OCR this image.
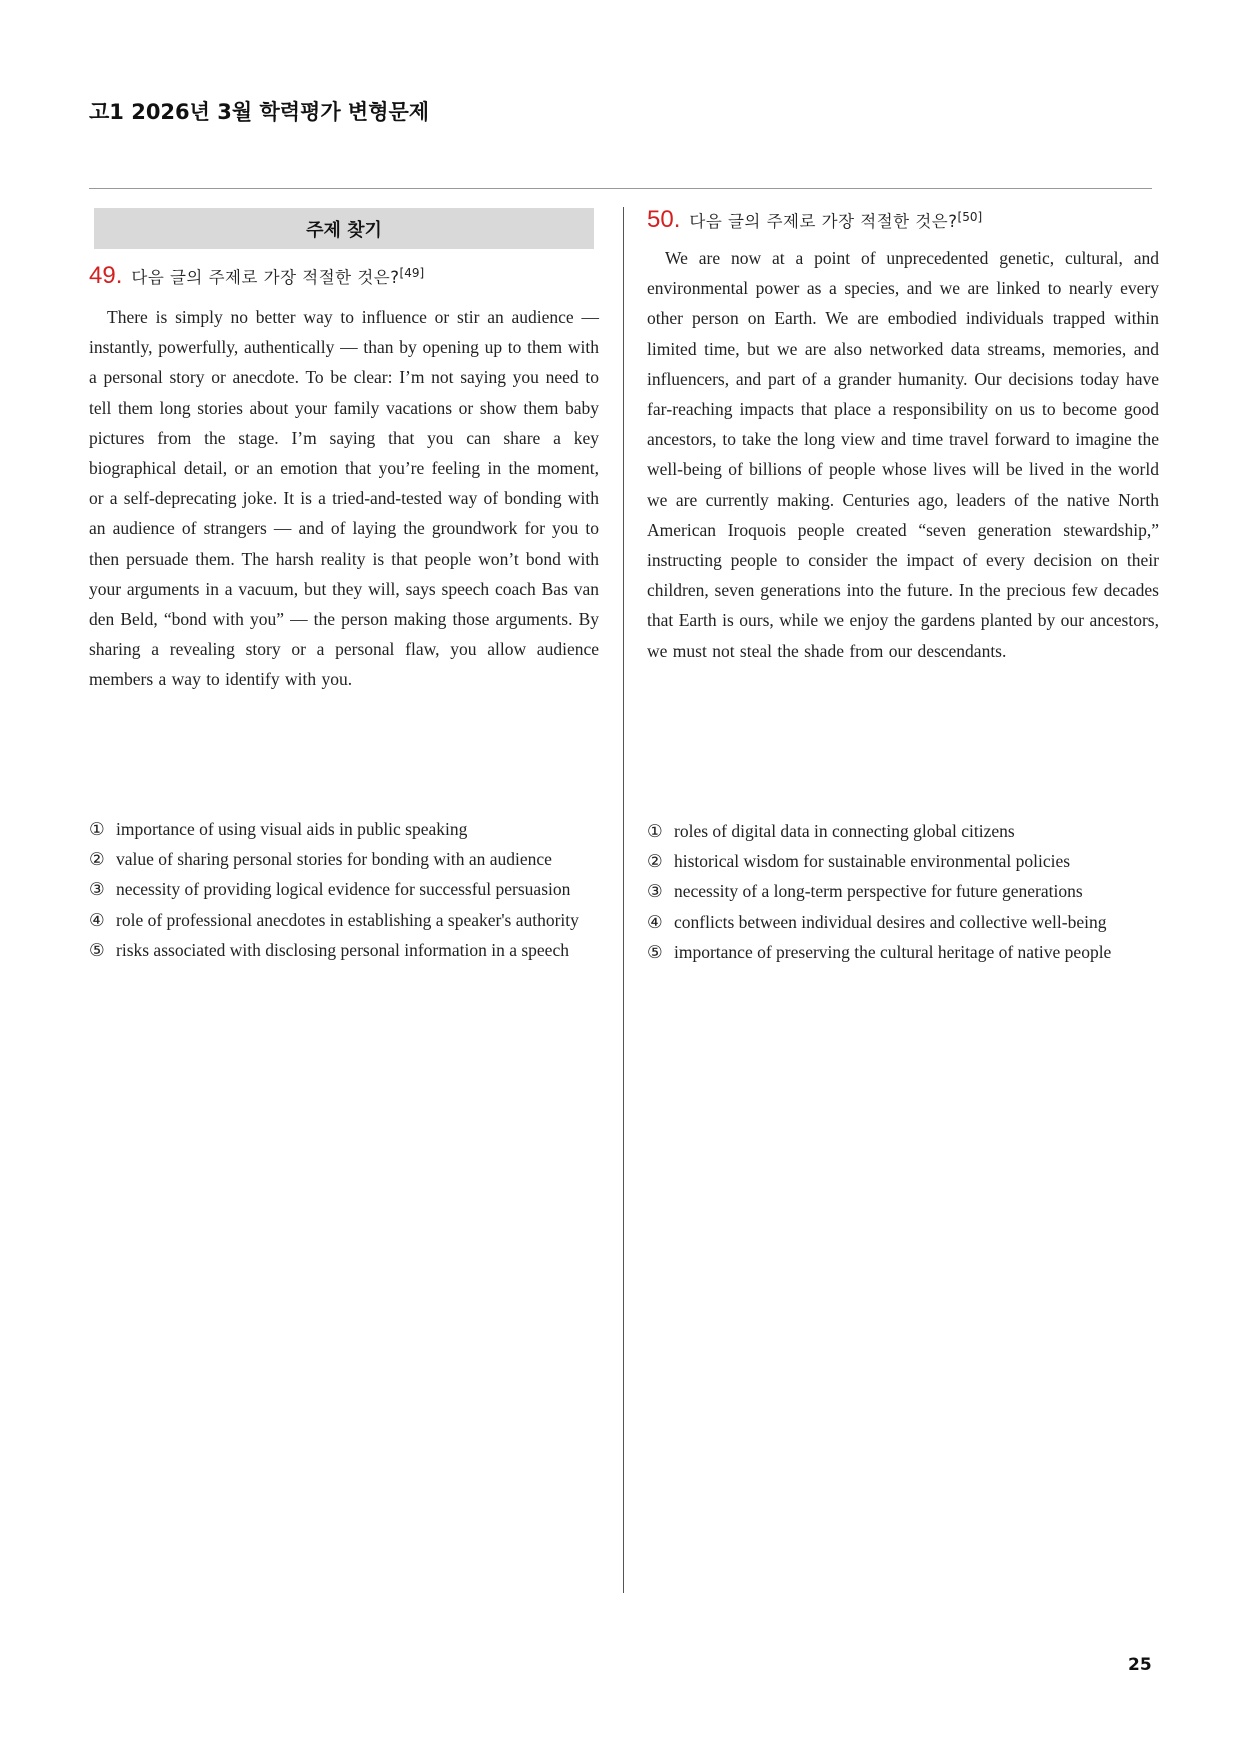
고1 2026년 3월 학력평가 변형문제
주제 찾기
49. 다음 글의 주제로 가장 적절한 것은? [49]

There is simply no better way to influence or stir an audience — instantly, powerfully, authentically — than by opening up to them with a personal story or anecdote. To be clear: I’m not saying you need to tell them long stories about your family vacations or show them baby pictures from the stage. I’m saying that you can share a key biographical detail, or an emotion that you’re feeling in the moment, or a self-deprecating joke. It is a tried-and-tested way of bonding with an audience of strangers — and of laying the groundwork for you to then persuade them. The harsh reality is that people won’t bond with your arguments in a vacuum, but they will, says speech coach Bas van den Beld, “bond with you” — the person making those arguments. By sharing a revealing story or a personal flaw, you allow audience members a way to identify with you.

① importance of using visual aids in public speaking
② value of sharing personal stories for bonding with an audience
③ necessity of providing logical evidence for successful persuasion
④ role of professional anecdotes in establishing a speaker's authority
⑤ risks associated with disclosing personal information in a speech
50. 다음 글의 주제로 가장 적절한 것은? [50]

We are now at a point of unprecedented genetic, cultural, and environmental power as a species, and we are linked to nearly every other person on Earth. We are embodied individuals trapped within limited time, but we are also networked data streams, memories, and influencers, and part of a grander humanity. Our decisions today have far‐reaching impacts that place a responsibility on us to become good ancestors, to take the long view and time travel forward to imagine the well‐being of billions of people whose lives will be lived in the world we are currently making. Centuries ago, leaders of the native North American Iroquois people created “seven generation stewardship,” instructing people to consider the impact of every decision on their children, seven generations into the future. In the precious few decades that Earth is ours, while we enjoy the gardens planted by our ancestors, we must not steal the shade from our descendants.

① roles of digital data in connecting global citizens
② historical wisdom for sustainable environmental policies
③ necessity of a long-term perspective for future generations
④ conflicts between individual desires and collective well-being
⑤ importance of preserving the cultural heritage of native people
25
